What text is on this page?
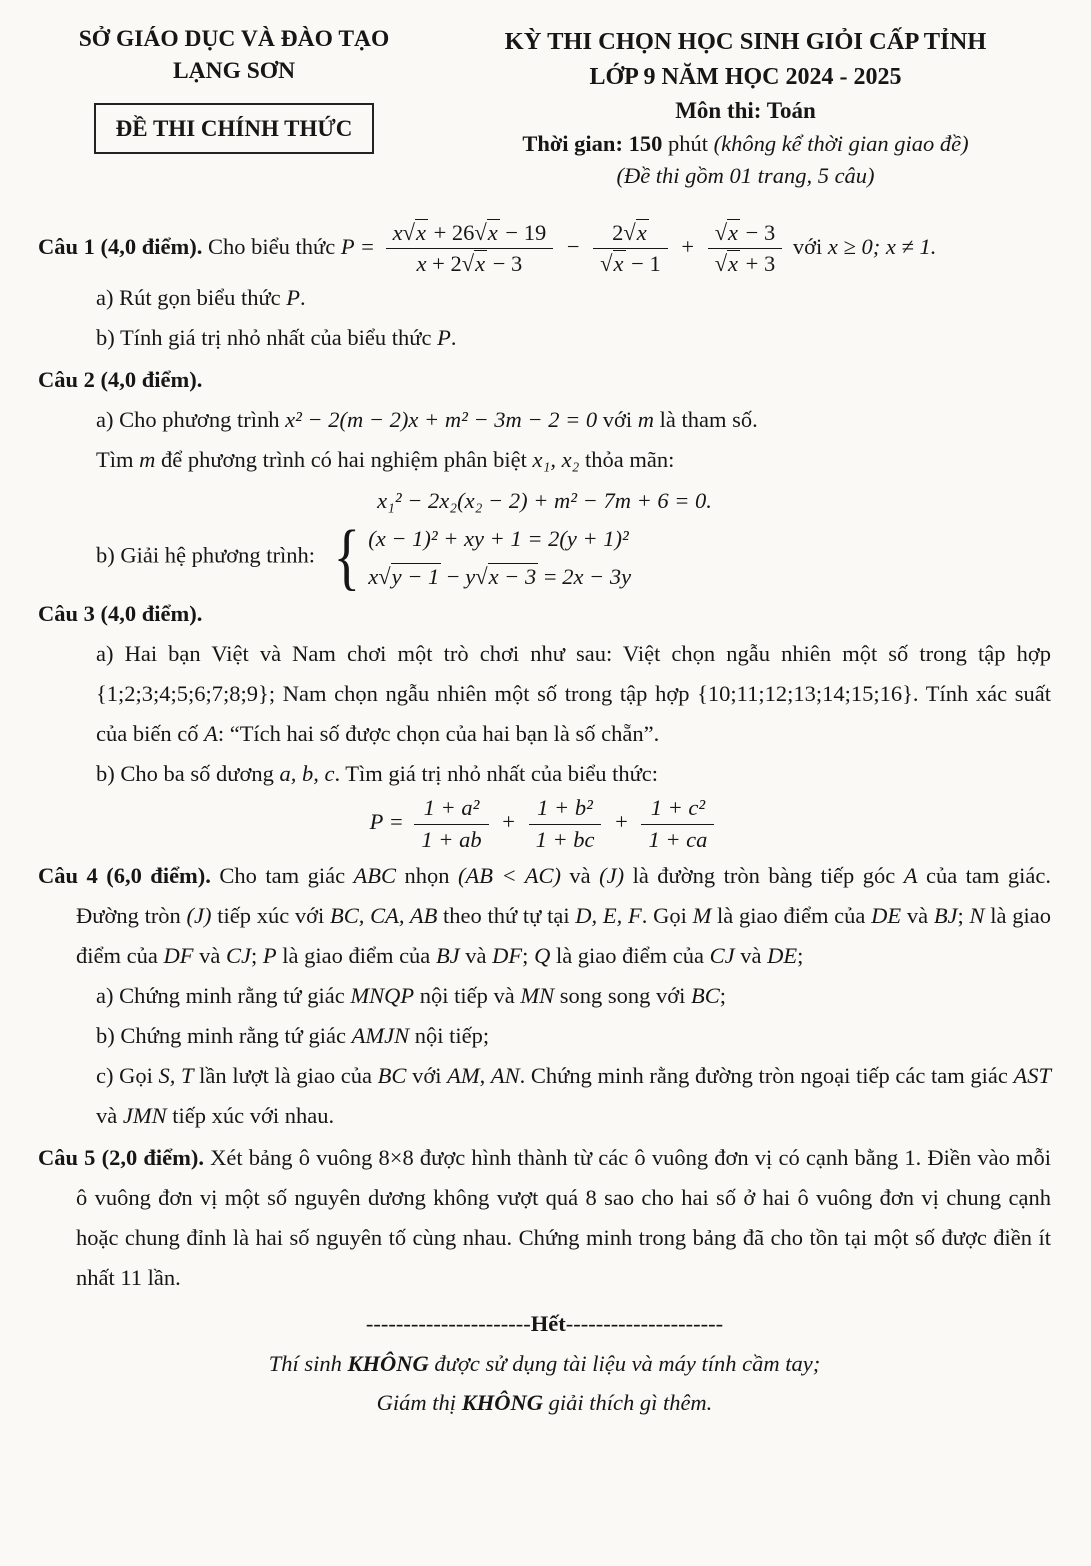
SỞ GIÁO DỤC VÀ ĐÀO TẠO
LẠNG SƠN
ĐỀ THI CHÍNH THỨC
KỲ THI CHỌN HỌC SINH GIỎI CẤP TỈNH
LỚP 9 NĂM HỌC 2024 - 2025
Môn thi: Toán
Thời gian: 150 phút (không kể thời gian giao đề)
(Đề thi gồm 01 trang, 5 câu)

Câu 1 (4,0 điểm). Cho biểu thức $P = \frac{x √ x + 26 √ x - 19}{x + 2 √ x - 3} - 2$ √ x
√ x − 1 + √ x − 3
√ x + 3 với x ≥ 0; x ≠ 1.

a) Rút gọn biểu thức P.

b) Tính giá trị nhỏ nhất của biểu thức P.

Câu 2 (4,0 điểm).

a) Cho phương trình x² − 2(m − 2)x + m² − 3m − 2 = 0 với m là tham số.

Tìm m để phương trình có hai nghiệm phân biệt x₁, x₂ thỏa mãn:

x₁² − 2x₂(x₂ − 2) + m² − 7m + 6 = 0.

b) Giải hệ phương trình: { (x − 1)² + xy + 1 = 2(y + 1)²
x √ y − 1 − y √ x − 3 = 2x − 3y

Câu 3 (4,0 điểm).

a) Hai bạn Việt và Nam chơi một trò chơi như sau: Việt chọn ngẫu nhiên một số trong tập hợp {1;2;3;4;5;6;7;8;9}; Nam chọn ngẫu nhiên một số trong tập hợp {10;11;12;13;14;15;16}. Tính xác suất của biến cố A: “Tích hai số được chọn của hai bạn là số chẵn”.

b) Cho ba số dương a, b, c. Tìm giá trị nhỏ nhất của biểu thức:

$P = \frac{\text{1 + a²}}{1 + ab} + \frac{\text{1 + b²}}{1 + bc} + \frac{\text{1 + c²}}{1 + ca}$

Câu 4 (6,0 điểm). Cho tam giác ABC nhọn (AB < AC) và (J) là đường tròn bàng tiếp góc A của tam giác. Đường tròn (J) tiếp xúc với BC, CA, AB theo thứ tự tại D, E, F. Gọi M là giao điểm của DE và BJ; N là giao điểm của DF và CJ; P là giao điểm của BJ và DF; Q là giao điểm của CJ và DE;

a) Chứng minh rằng tứ giác MNQP nội tiếp và MN song song với BC;

b) Chứng minh rằng tứ giác AMJN nội tiếp;

c) Gọi S, T lần lượt là giao của BC với AM, AN. Chứng minh rằng đường tròn ngoại tiếp các tam giác AST và JMN tiếp xúc với nhau.

Câu 5 (2,0 điểm). Xét bảng ô vuông 8×8 được hình thành từ các ô vuông đơn vị có cạnh bằng 1. Điền vào mỗi ô vuông đơn vị một số nguyên dương không vượt quá 8 sao cho hai số ở hai ô vuông đơn vị chung cạnh hoặc chung đỉnh là hai số nguyên tố cùng nhau. Chứng minh trong bảng đã cho tồn tại một số được điền ít nhất 11 lần.

----------------------Hết---------------------
Thí sinh KHÔNG được sử dụng tài liệu và máy tính cầm tay;
Giám thị KHÔNG giải thích gì thêm.
